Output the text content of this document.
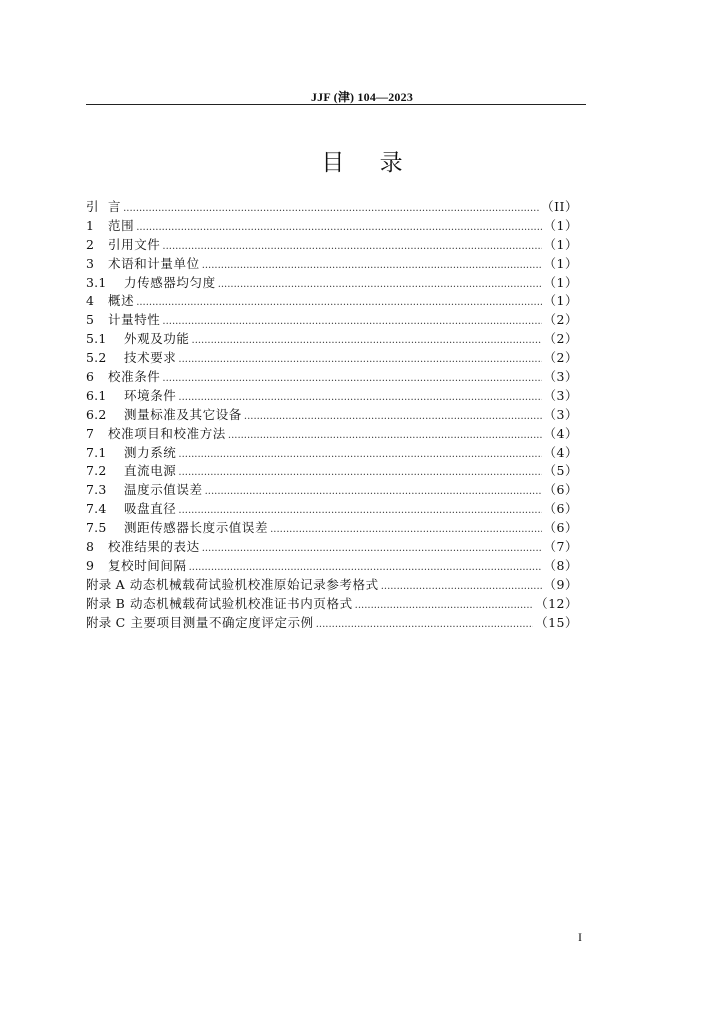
JJF (津) 104—2023
目 录
引 言 .....	（II）
1	范围 .....	（1）
2	引用文件 .....	（1）
3	术语和计量单位 .....	（1）
3.1	力传感器均匀度 .....	（1）
4	概述 .....	（1）
5	计量特性 .....	（2）
5.1	外观及功能 .....	（2）
5.2	技术要求 .....	（2）
6	校准条件 .....	（3）
6.1	环境条件 .....	（3）
6.2	测量标准及其它设备 .....	（3）
7	校准项目和校准方法 .....	（4）
7.1	测力系统 .....	（4）
7.2	直流电源 .....	（5）
7.3	温度示值误差 .....	（6）
7.4	吸盘直径 .....	（6）
7.5	测距传感器长度示值误差 .....	（6）
8	校准结果的表达 .....	（7）
9	复校时间间隔 .....	（8）
附录 A 动态机械载荷试验机校准原始记录参考格式 .....	（9）
附录 B 动态机械载荷试验机校准证书内页格式 .....	（12）
附录 C 主要项目测量不确定度评定示例 .....	（15）
I
